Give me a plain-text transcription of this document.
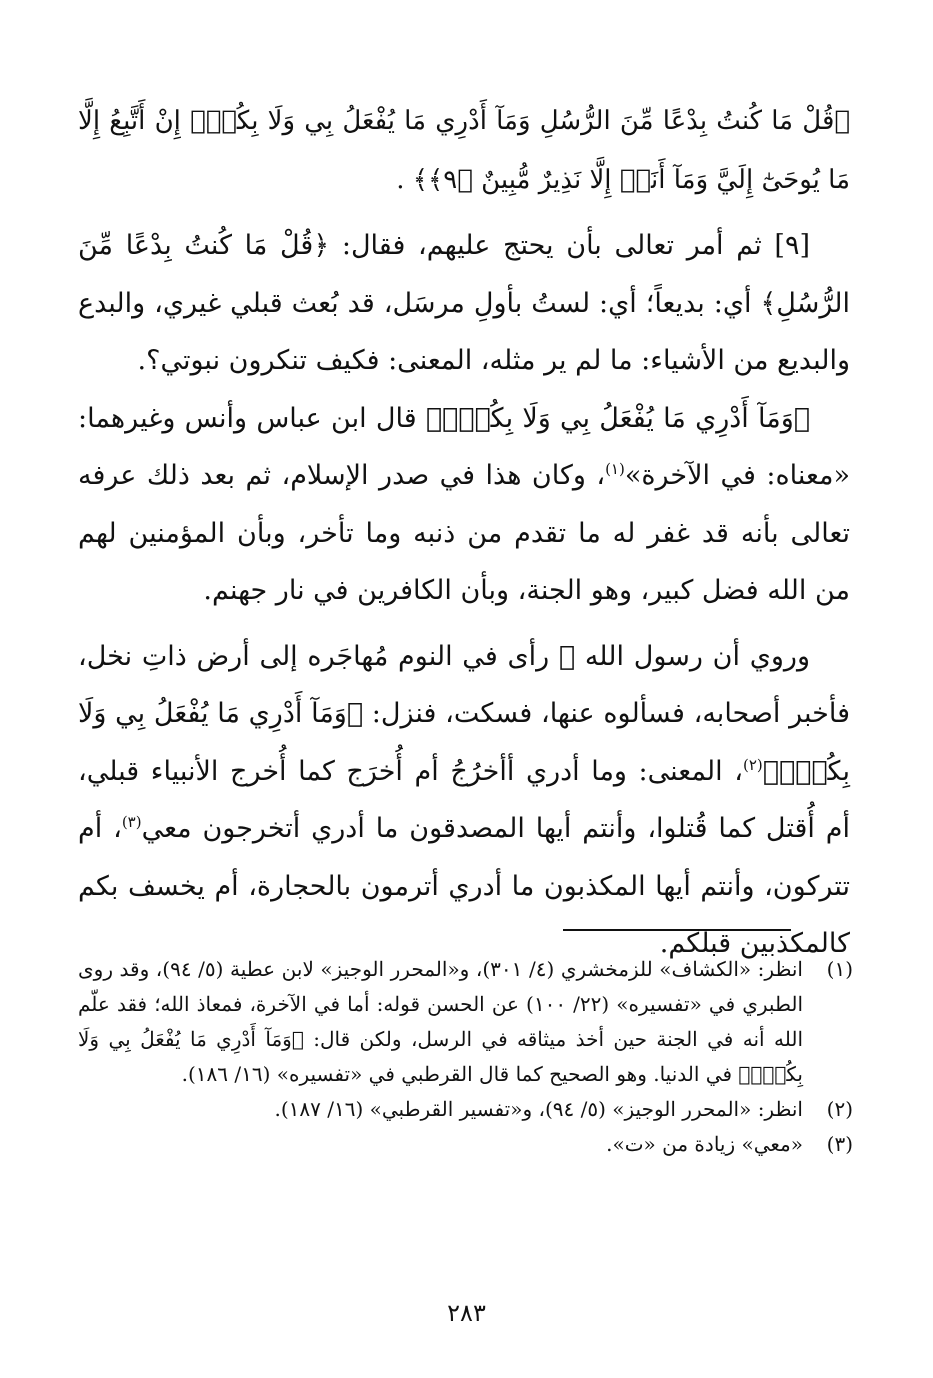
﴿قُلْ مَا كُنتُ بِدْعًا مِّنَ الرُّسُلِ وَمَآ أَدْرِي مَا يُفْعَلُ بِي وَلَا بِكُمْۖ إِنْ أَتَّبِعُ إِلَّا مَا يُوحَىٰٓ إِلَيَّ وَمَآ أَنَا۠ إِلَّا نَذِيرٌ مُّبِينٌ ﴿٩﴾﴾ .

[٩] ثم أمر تعالى بأن يحتج عليهم، فقال: ﴿قُلْ مَا كُنتُ بِدْعًا مِّنَ الرُّسُلِ﴾ أي: بديعاً؛ أي: لستُ بأولِ مرسَل، قد بُعث قبلي غيري، والبدع والبديع من الأشياء: ما لم ير مثله، المعنى: فكيف تنكرون نبوتي؟.

﴿وَمَآ أَدْرِي مَا يُفْعَلُ بِي وَلَا بِكُمْۖ﴾ قال ابن عباس وأنس وغيرهما: «معناه: في الآخرة»$^{(١)}$، وكان هذا في صدر الإسلام، ثم بعد ذلك عرفه تعالى بأنه قد غفر له ما تقدم من ذنبه وما تأخر، وبأن المؤمنين لهم من الله فضل كبير، وهو الجنة، وبأن الكافرين في نار جهنم.

وروي أن رسول الله ﷺ رأى في النوم مُهاجَره إلى أرض ذاتِ نخل، فأخبر أصحابه، فسألوه عنها، فسكت، فنزل: ﴿وَمَآ أَدْرِي مَا يُفْعَلُ بِي وَلَا بِكُمْۖ﴾$^{(٢)}$، المعنى: وما أدري أأخرُجُ أم أُخرَج كما أُخرج الأنبياء قبلي، أم أُقتل كما قُتلوا، وأنتم أيها المصدقون ما أدري أتخرجون معي$^{(٣)}$، أم تتركون، وأنتم أيها المكذبون ما أدري أترمون بالحجارة، أم يخسف بكم كالمكذبين قبلكم.

(١)
انظر: «الكشاف» للزمخشري (٤/ ٣٠١)، و«المحرر الوجيز» لابن عطية (٥/ ٩٤)، وقد روى الطبري في «تفسيره» (٢٢/ ١٠٠) عن الحسن قوله: أما في الآخرة، فمعاذ الله؛ فقد علّم الله أنه في الجنة حين أخذ ميثاقه في الرسل، ولكن قال: ﴿وَمَآ أَدْرِي مَا يُفْعَلُ بِي وَلَا بِكُمْۖ﴾ في الدنيا. وهو الصحيح كما قال القرطبي في «تفسيره» (١٦/ ١٨٦).
(٢)
انظر: «المحرر الوجيز» (٥/ ٩٤)، و«تفسير القرطبي» (١٦/ ١٨٧).
(٣)
«معي» زيادة من «ت».
٢٨٣
